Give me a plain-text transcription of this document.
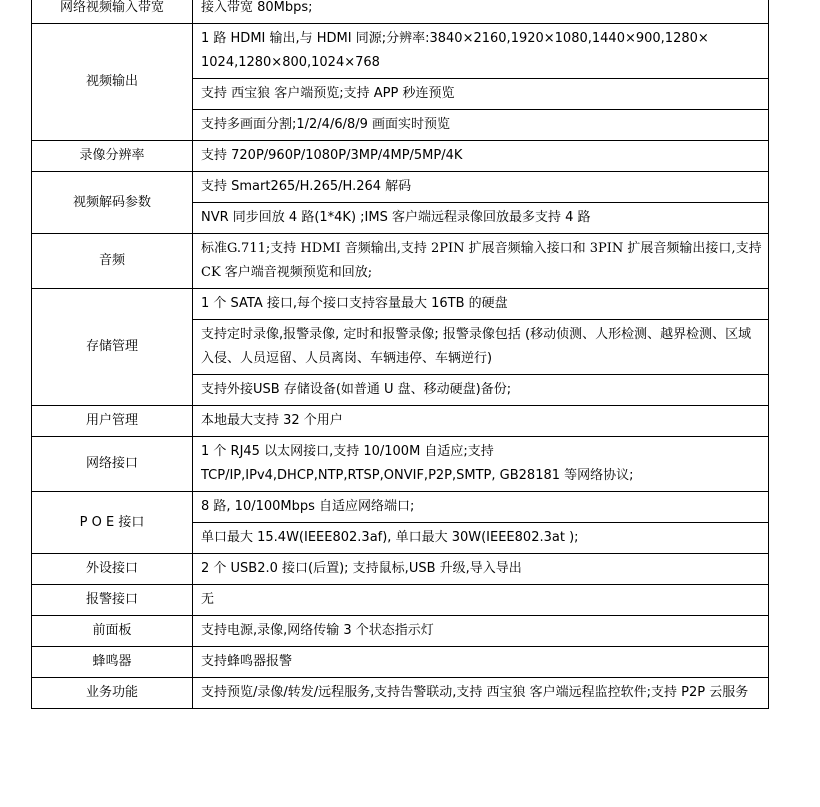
网络视频输入带宽	接入带宽 80Mbps;
视频输出	1 路 HDMI 输出,与 HDMI 同源;分辨率:3840×2160,1920×1080,1440×900,1280×
1024,1280×800,1024×768

	支持 西宝狼 客户端预览;支持 APP 秒连预览
	支持多画面分割;1/2/4/6/8/9 画面实时预览
录像分辨率	支持 720P/960P/1080P/3MP/4MP/5MP/4K
视频解码参数	支持 Smart265/H.265/H.264 解码
	NVR 同步回放 4 路(1*4K) ;IMS 客户端远程录像回放最多支持 4 路
音频	标准G.711;支持 HDMI 音频输出,支持 2PIN 扩展音频输入接口和 3PIN 扩展音频输出接口,支持CK 客户端音视频预览和回放;
存储管理	1 个 SATA 接口,每个接口支持容量最大 16TB 的硬盘
	支持定时录像,报警录像, 定时和报警录像; 报警录像包括 (移动侦测、人形检测、越界检测、区域入侵、人员逗留、人员离岗、车辆违停、车辆逆行)
	支持外接USB 存储设备(如普通 U 盘、移动硬盘)备份;
用户管理	本地最大支持 32 个用户
网络接口	1 个 RJ45 以太网接口,支持 10/100M 自适应;支持
TCP/IP,IPv4,DHCP,NTP,RTSP,ONVIF,P2P,SMTP, GB28181 等网络协议;

P O E 接口	8 路, 10/100Mbps 自适应网络端口;
	单口最大 15.4W(IEEE802.3af), 单口最大 30W(IEEE802.3at );
外设接口	2 个 USB2.0 接口(后置); 支持鼠标,USB 升级,导入导出
报警接口	无
前面板	支持电源,录像,网络传输 3 个状态指示灯
蜂鸣器	支持蜂鸣器报警
业务功能	支持预览/录像/转发/远程服务,支持告警联动,支持 西宝狼 客户端远程监控软件;支持 P2P 云服务
